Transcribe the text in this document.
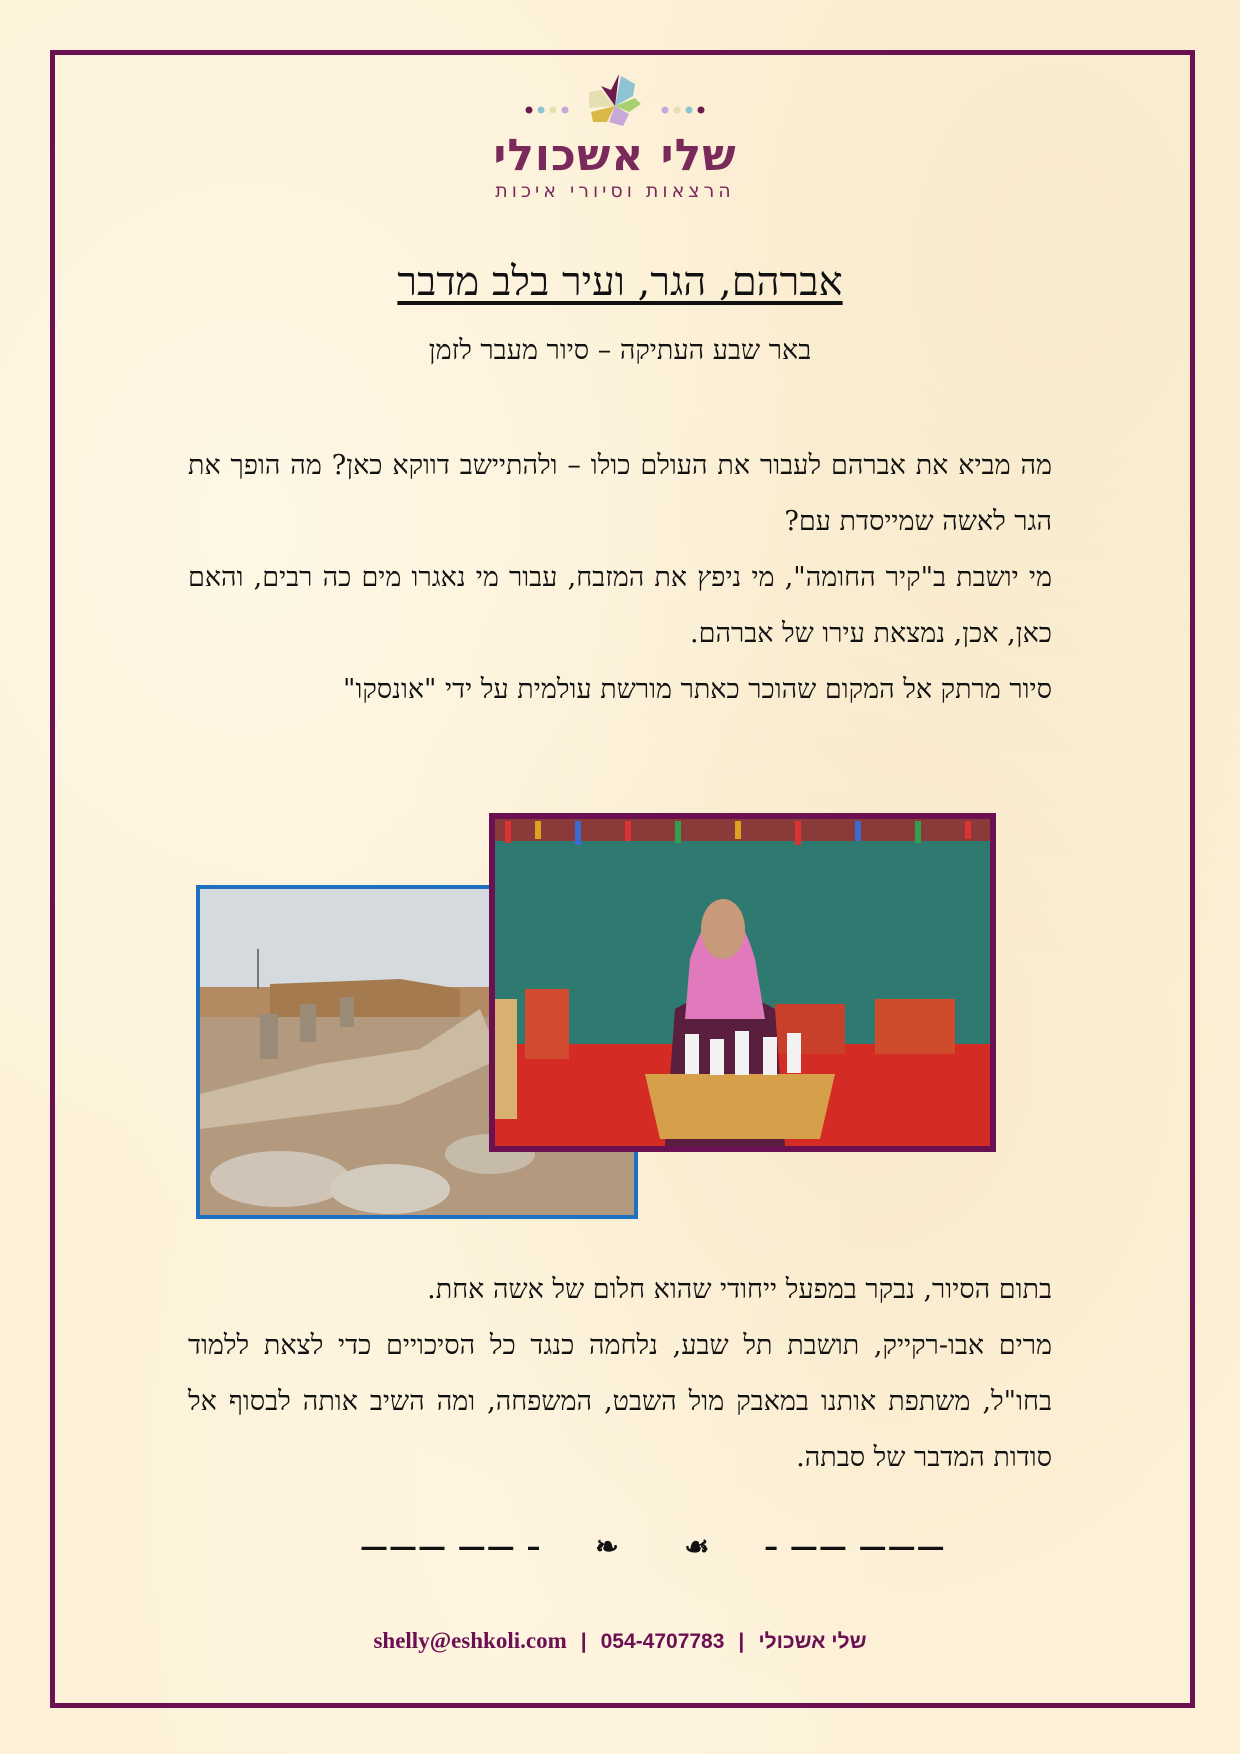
שלי אשכולי
הרצאות וסיורי איכות
אברהם, הגר, ועיר בלב מדבר
באר שבע העתיקה – סיור מעבר לזמן

מה מביא את אברהם לעבור את העולם כולו – ולהתיישב דווקא כאן? מה הופך את הגר לאשה שמייסדת עם?

מי יושבת ב"קיר החומה", מי ניפץ את המזבח, עבור מי נאגרו מים כה רבים, והאם כאן, אכן, נמצאת עירו של אברהם.

סיור מרתק אל המקום שהוכר כאתר מורשת עולמית על ידי "אונסקו"

בתום הסיור, נבקר במפעל ייחודי שהוא חלום של אשה אחת.

מרים אבו-רקייק, תושבת תל שבע, נלחמה כנגד כל הסיכויים כדי לצאת ללמוד בחו"ל, משתפת אותנו במאבק מול השבט, המשפחה, ומה השיב אותה לבסוף אל סודות המדבר של סבתה.

——— —— – ❧ ☙ – —— ———
shelly@eshkoli.com | 054-4707783 | שלי אשכולי
